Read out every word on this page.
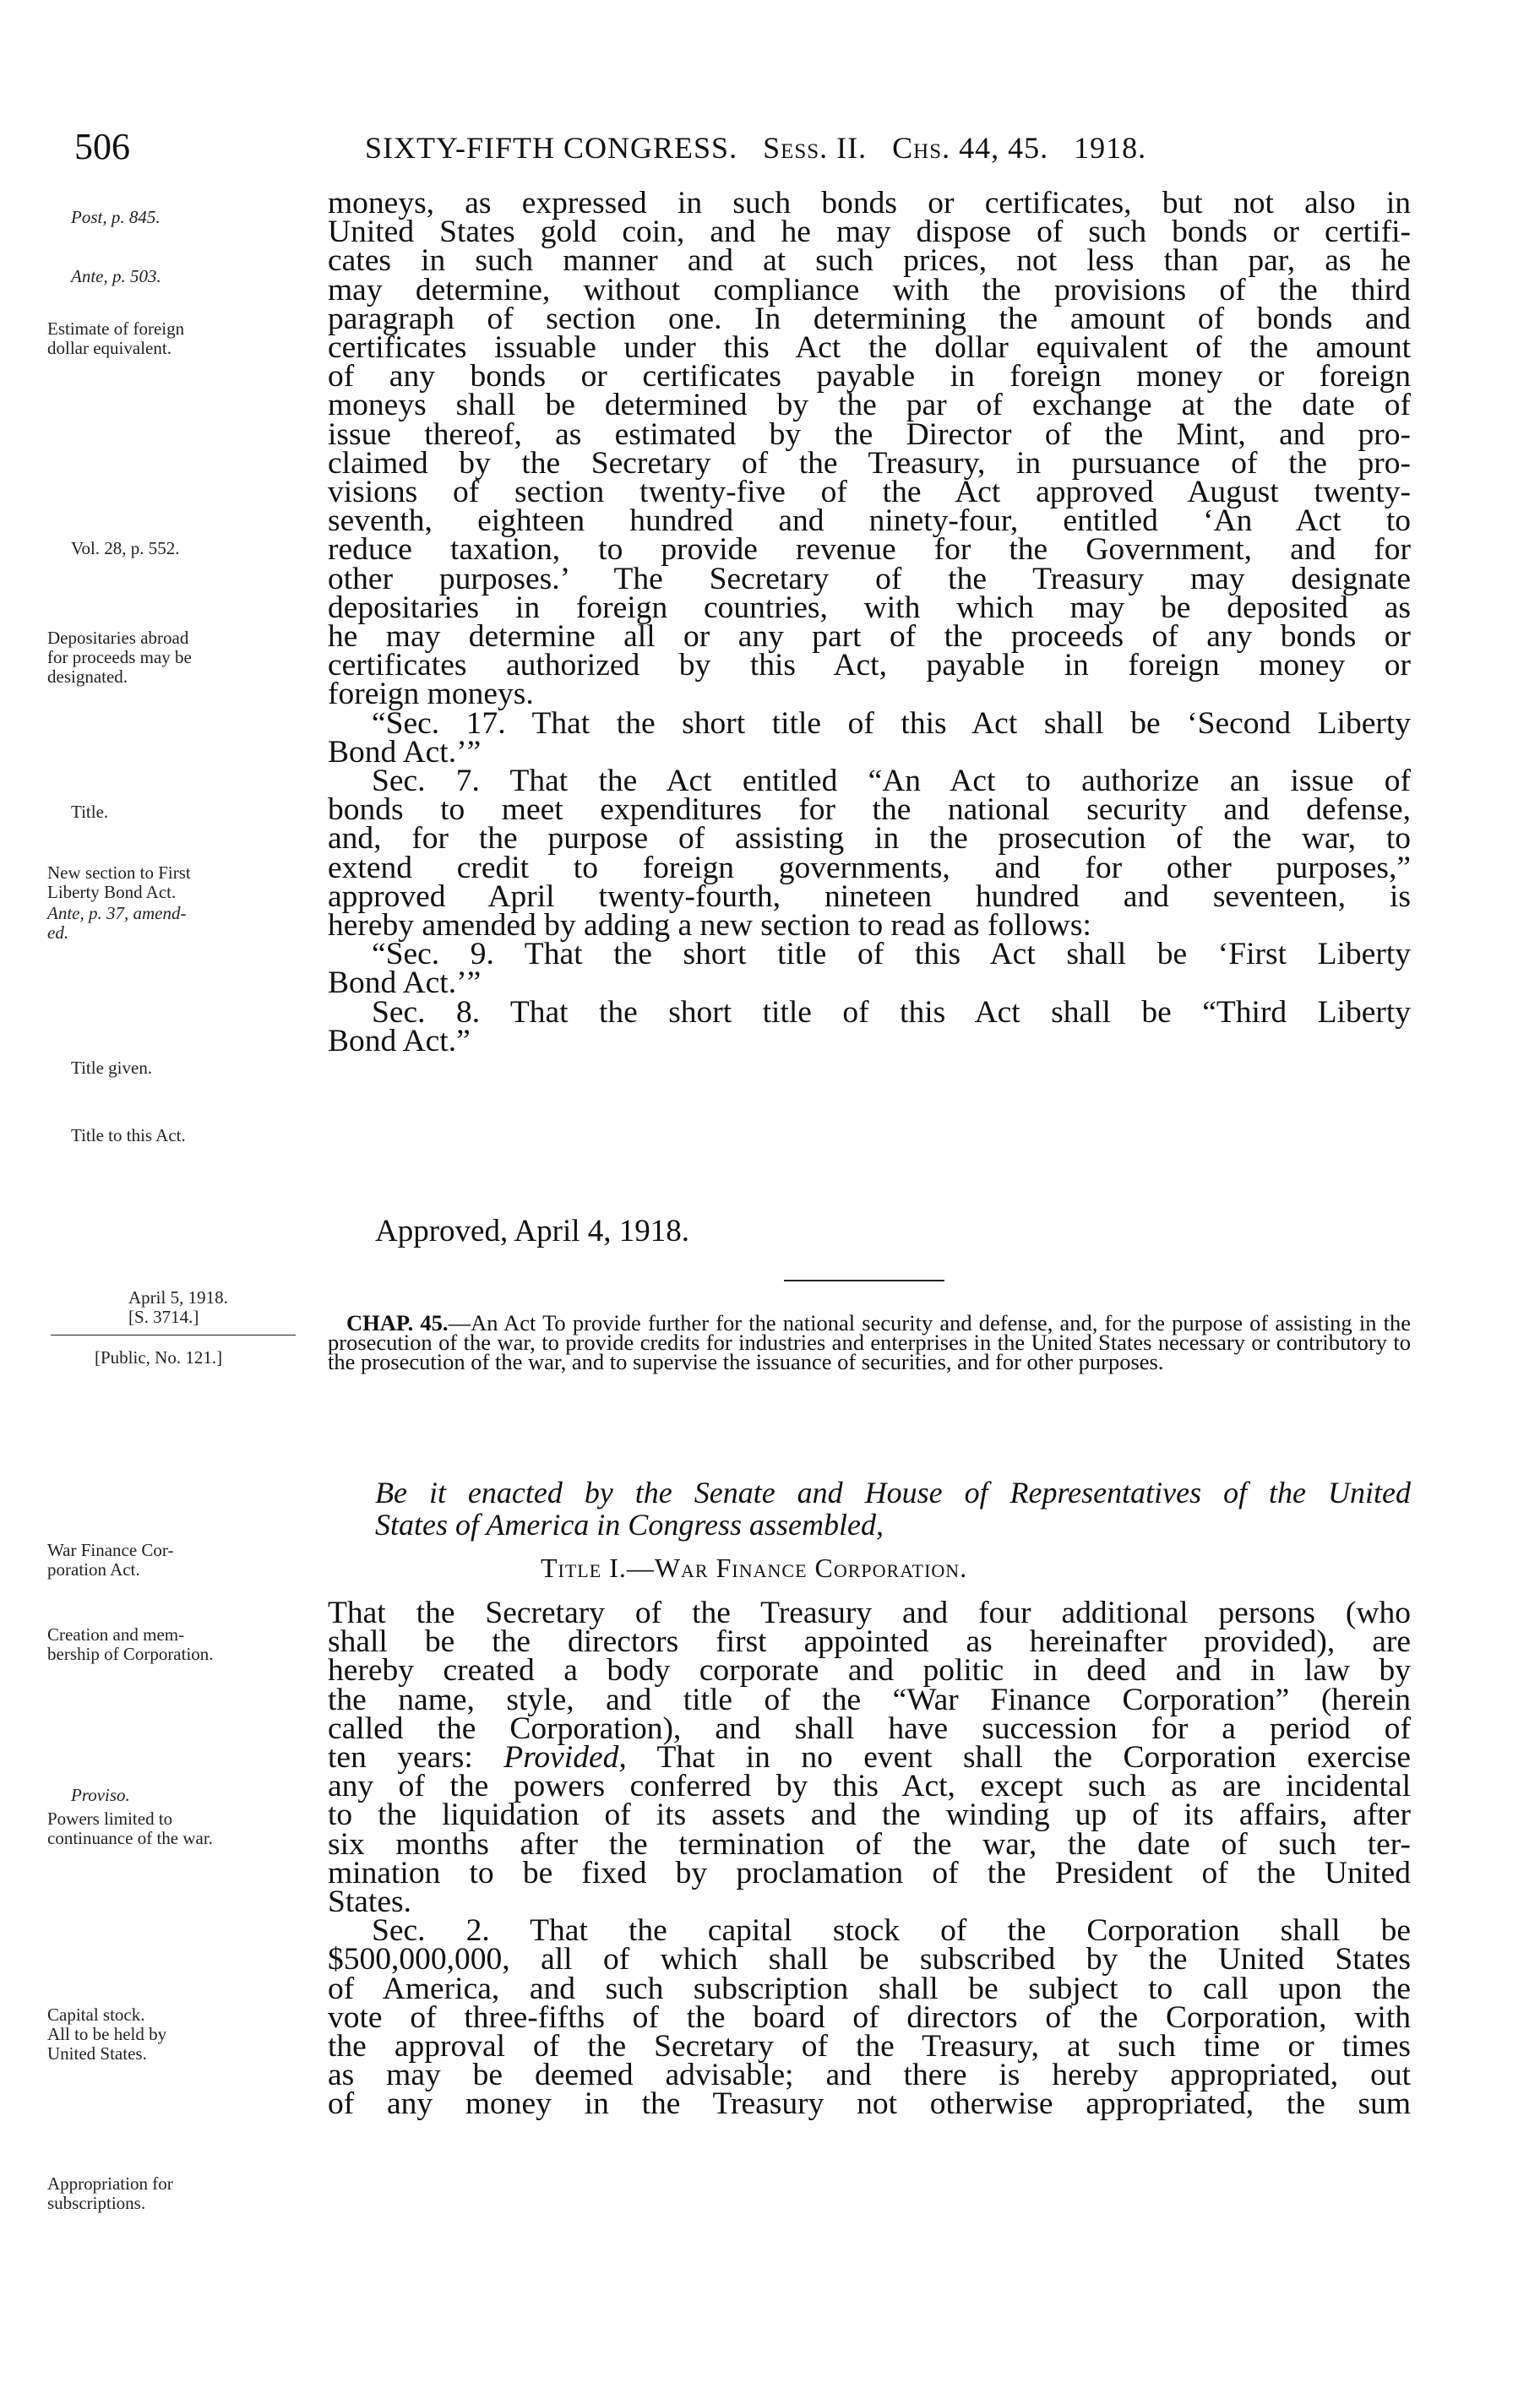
506	SIXTY-FIFTH CONGRESS. Sess. II. Chs. 44, 45. 1918.
Post, p. 845.
Ante, p. 503.
Estimate of foreign
dollar equivalent.
Vol. 28, p. 552.
Depositaries abroad
for proceeds may be
designated.
Title.
New section to First
Liberty Bond Act.
Ante, p. 37, amend-
ed.
Title given.
Title to this Act.
April 5, 1918.
[S. 3714.]
[Public, No. 121.]
War Finance Cor-
poration Act.
Creation and mem-
bership of Corporation.
Proviso.
Powers limited to
continuance of the war.
Capital stock.
All to be held by
United States.
Appropriation for
subscriptions.

moneys, as expressed in such bonds or certificates, but not also in

United States gold coin, and he may dispose of such bonds or certifi-

cates in such manner and at such prices, not less than par, as he

may determine, without compliance with the provisions of the third

paragraph of section one. In determining the amount of bonds and

certificates issuable under this Act the dollar equivalent of the amount

of any bonds or certificates payable in foreign money or foreign

moneys shall be determined by the par of exchange at the date of

issue thereof, as estimated by the Director of the Mint, and pro-

claimed by the Secretary of the Treasury, in pursuance of the pro-

visions of section twenty-five of the Act approved August twenty-

seventh, eighteen hundred and ninety-four, entitled ‘An Act to

reduce taxation, to provide revenue for the Government, and for

other purposes.’ The Secretary of the Treasury may designate

depositaries in foreign countries, with which may be deposited as

he may determine all or any part of the proceeds of any bonds or

certificates authorized by this Act, payable in foreign money or

foreign moneys.

“Sec. 17. That the short title of this Act shall be ‘Second Liberty

Bond Act.’”

Sec. 7. That the Act entitled “An Act to authorize an issue of

bonds to meet expenditures for the national security and defense,

and, for the purpose of assisting in the prosecution of the war, to

extend credit to foreign governments, and for other purposes,”

approved April twenty-fourth, nineteen hundred and seventeen, is

hereby amended by adding a new section to read as follows:

“Sec. 9. That the short title of this Act shall be ‘First Liberty

Bond Act.’”

Sec. 8. That the short title of this Act shall be “Third Liberty

Bond Act.”

Approved, April 4, 1918.
CHAP. 45.—An Act To provide further for the national security and defense, and, for the purpose of assisting in the prosecution of the war, to provide credits for industries and enterprises in the United States necessary or contributory to the prosecution of the war, and to supervise the issuance of securities, and for other purposes.
Be it enacted by the Senate and House of Representatives of the United
States of America in Congress assembled,
Title I.—War Finance Corporation.

That the Secretary of the Treasury and four additional persons (who

shall be the directors first appointed as hereinafter provided), are

hereby created a body corporate and politic in deed and in law by

the name, style, and title of the “War Finance Corporation” (herein

called the Corporation), and shall have succession for a period of

ten years: Provided, That in no event shall the Corporation exercise

any of the powers conferred by this Act, except such as are incidental

to the liquidation of its assets and the winding up of its affairs, after

six months after the termination of the war, the date of such ter-

mination to be fixed by proclamation of the President of the United

States.

Sec. 2. That the capital stock of the Corporation shall be

$500,000,000, all of which shall be subscribed by the United States

of America, and such subscription shall be subject to call upon the

vote of three-fifths of the board of directors of the Corporation, with

the approval of the Secretary of the Treasury, at such time or times

as may be deemed advisable; and there is hereby appropriated, out

of any money in the Treasury not otherwise appropriated, the sum
